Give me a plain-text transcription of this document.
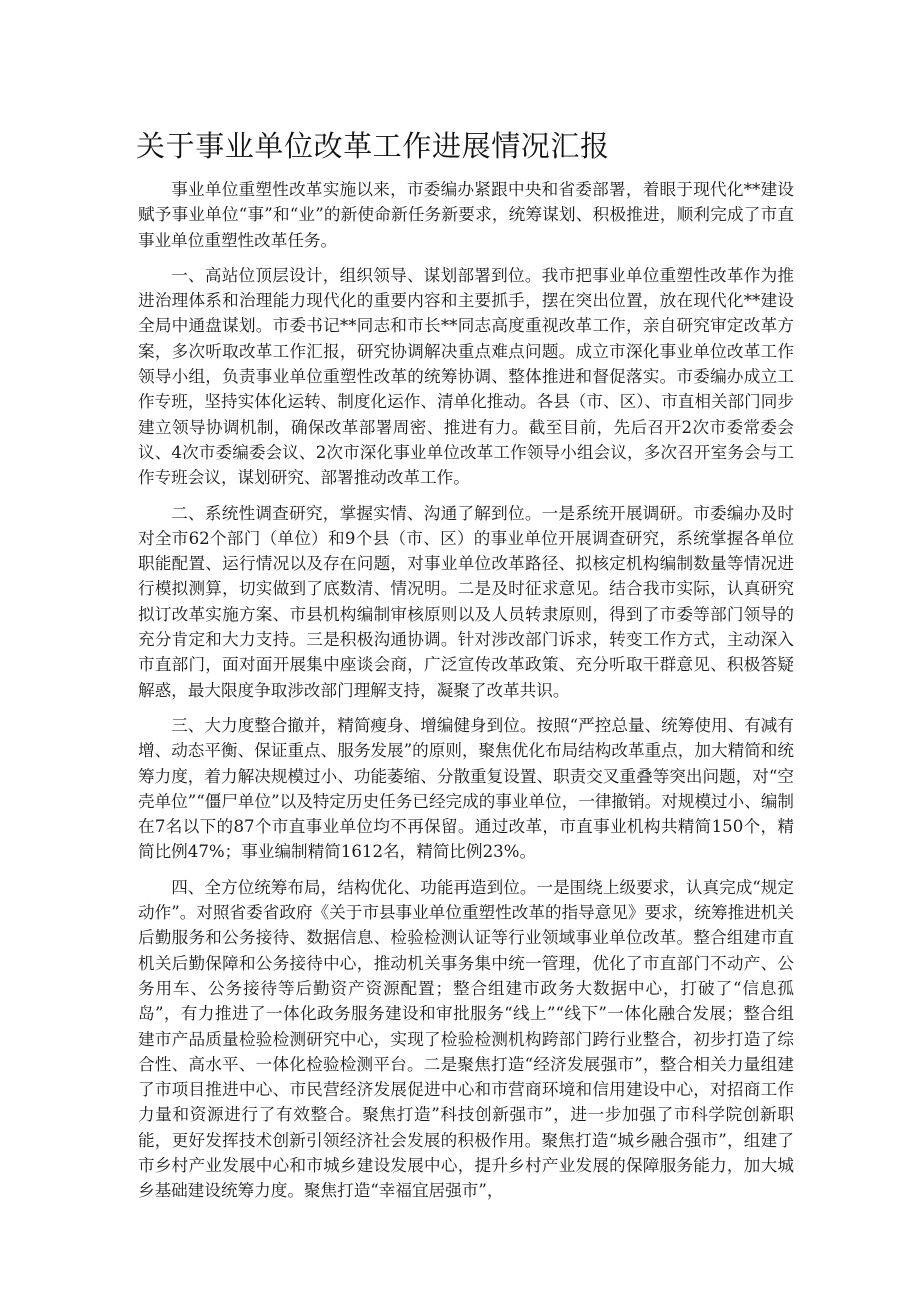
关于事业单位改革工作进展情况汇报

事业单位重塑性改革实施以来，市委编办紧跟中央和省委部署，着眼于现代化**建设赋予事业单位“事”和“业”的新使命新任务新要求，统筹谋划、积极推进，顺利完成了市直事业单位重塑性改革任务。

一、高站位顶层设计，组织领导、谋划部署到位。我市把事业单位重塑性改革作为推进治理体系和治理能力现代化的重要内容和主要抓手，摆在突出位置，放在现代化**建设全局中通盘谋划。市委书记**同志和市长**同志高度重视改革工作，亲自研究审定改革方案，多次听取改革工作汇报，研究协调解决重点难点问题。成立市深化事业单位改革工作领导小组，负责事业单位重塑性改革的统筹协调、整体推进和督促落实。市委编办成立工作专班，坚持实体化运转、制度化运作、清单化推动。各县（市、区）、市直相关部门同步建立领导协调机制，确保改革部署周密、推进有力。截至目前，先后召开2次市委常委会议、4次市委编委会议、2次市深化事业单位改革工作领导小组会议，多次召开室务会与工作专班会议，谋划研究、部署推动改革工作。

二、系统性调查研究，掌握实情、沟通了解到位。一是系统开展调研。市委编办及时对全市62个部门（单位）和9个县（市、区）的事业单位开展调查研究，系统掌握各单位职能配置、运行情况以及存在问题，对事业单位改革路径、拟核定机构编制数量等情况进行模拟测算，切实做到了底数清、情况明。二是及时征求意见。结合我市实际，认真研究拟订改革实施方案、市县机构编制审核原则以及人员转隶原则，得到了市委等部门领导的充分肯定和大力支持。三是积极沟通协调。针对涉改部门诉求，转变工作方式，主动深入市直部门，面对面开展集中座谈会商，广泛宣传改革政策、充分听取干群意见、积极答疑解惑，最大限度争取涉改部门理解支持，凝聚了改革共识。

三、大力度整合撤并，精简瘦身、增编健身到位。按照“严控总量、统筹使用、有减有增、动态平衡、保证重点、服务发展”的原则，聚焦优化布局结构改革重点，加大精简和统筹力度，着力解决规模过小、功能萎缩、分散重复设置、职责交叉重叠等突出问题，对“空壳单位”“僵尸单位”以及特定历史任务已经完成的事业单位，一律撤销。对规模过小、编制在7名以下的87个市直事业单位均不再保留。通过改革，市直事业机构共精简150个，精简比例47%；事业编制精简1612名，精简比例23%。

四、全方位统筹布局，结构优化、功能再造到位。一是围绕上级要求，认真完成“规定动作”。对照省委省政府《关于市县事业单位重塑性改革的指导意见》要求，统筹推进机关后勤服务和公务接待、数据信息、检验检测认证等行业领域事业单位改革。整合组建市直机关后勤保障和公务接待中心，推动机关事务集中统一管理，优化了市直部门不动产、公务用车、公务接待等后勤资产资源配置；整合组建市政务大数据中心，打破了“信息孤岛”，有力推进了一体化政务服务建设和审批服务“线上”“线下”一体化融合发展；整合组建市产品质量检验检测研究中心，实现了检验检测机构跨部门跨行业整合，初步打造了综合性、高水平、一体化检验检测平台。二是聚焦打造“经济发展强市”，整合相关力量组建了市项目推进中心、市民营经济发展促进中心和市营商环境和信用建设中心，对招商工作力量和资源进行了有效整合。聚焦打造”科技创新强市”，进一步加强了市科学院创新职能，更好发挥技术创新引领经济社会发展的积极作用。聚焦打造“城乡融合强市”，组建了市乡村产业发展中心和市城乡建设发展中心，提升乡村产业发展的保障服务能力，加大城乡基础建设统筹力度。聚焦打造“幸福宜居强市”，
